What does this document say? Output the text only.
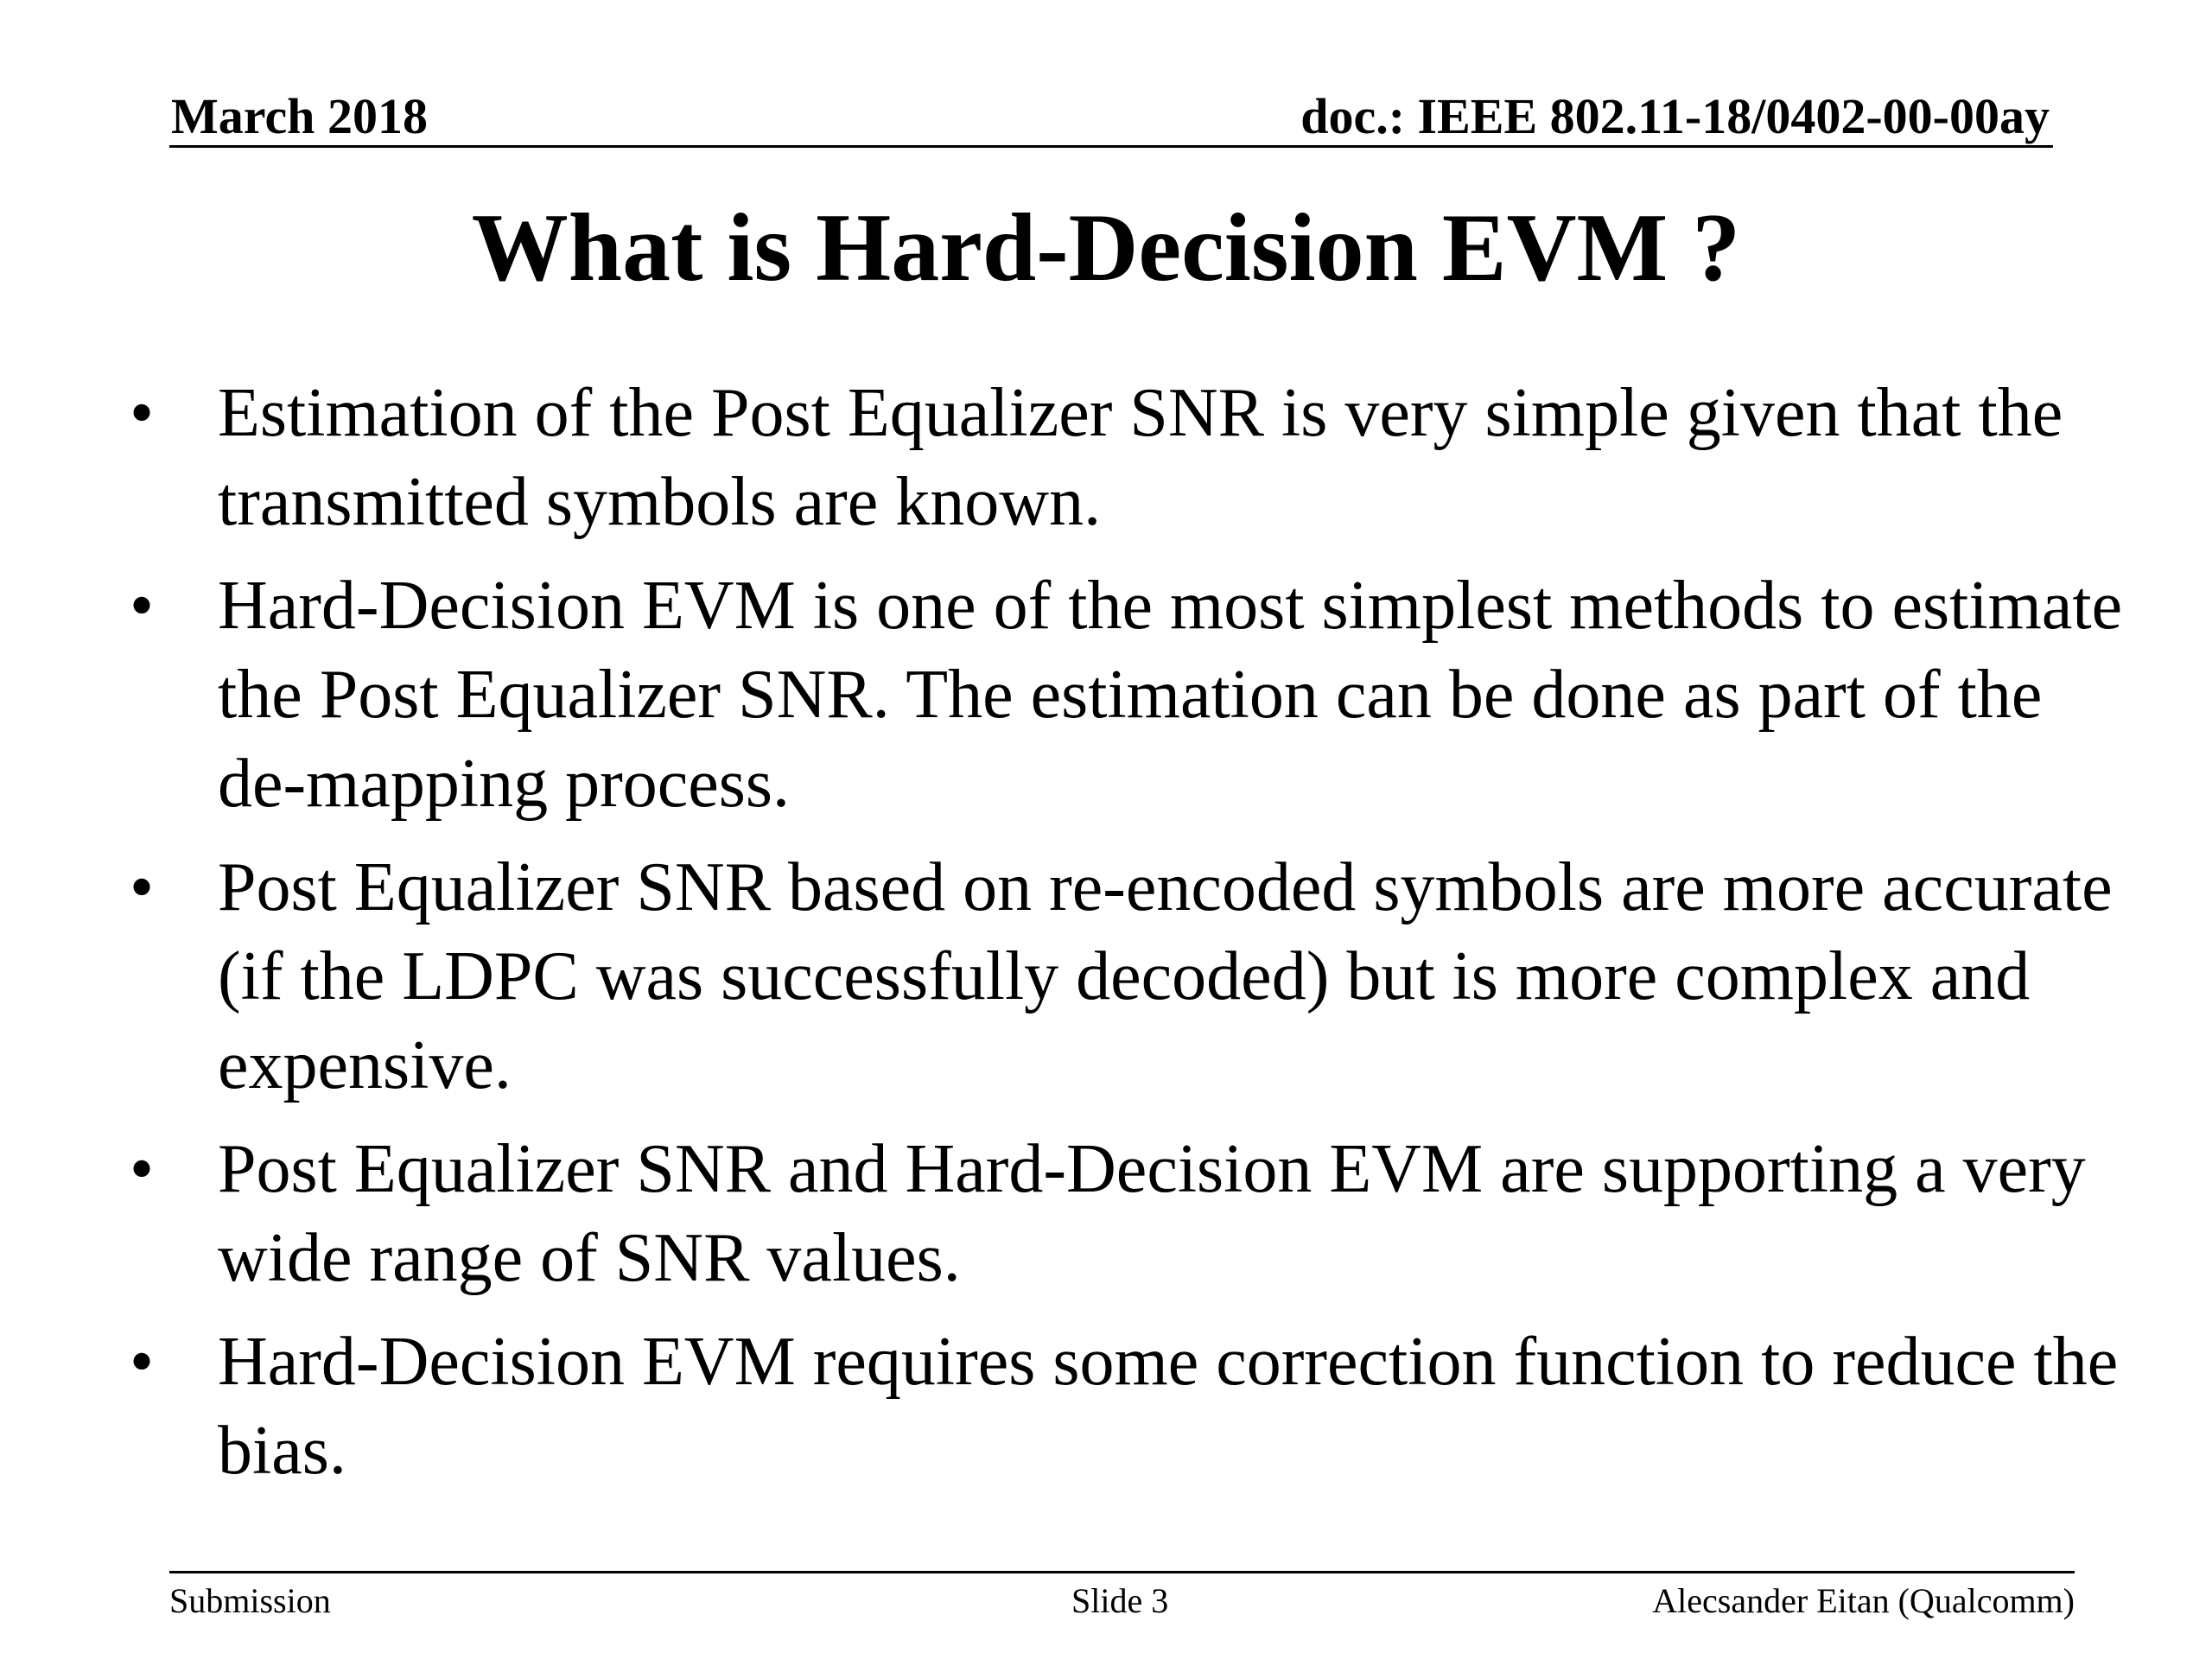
March 2018	doc.: IEEE 802.11-18/0402-00-00ay
What is Hard-Decision EVM ?
• Estimation of the Post Equalizer SNR is very simple given that the transmitted symbols are known.
• Hard-Decision EVM is one of the most simplest methods to estimate the Post Equalizer SNR. The estimation can be done as part of the de-mapping process.
• Post Equalizer SNR based on re-encoded symbols are more accurate (if the LDPC was successfully decoded) but is more complex and expensive.
• Post Equalizer SNR and Hard-Decision EVM are supporting a very wide range of SNR values.
• Hard-Decision EVM requires some correction function to reduce the bias.
Submission	Slide 3	Alecsander Eitan (Qualcomm)
